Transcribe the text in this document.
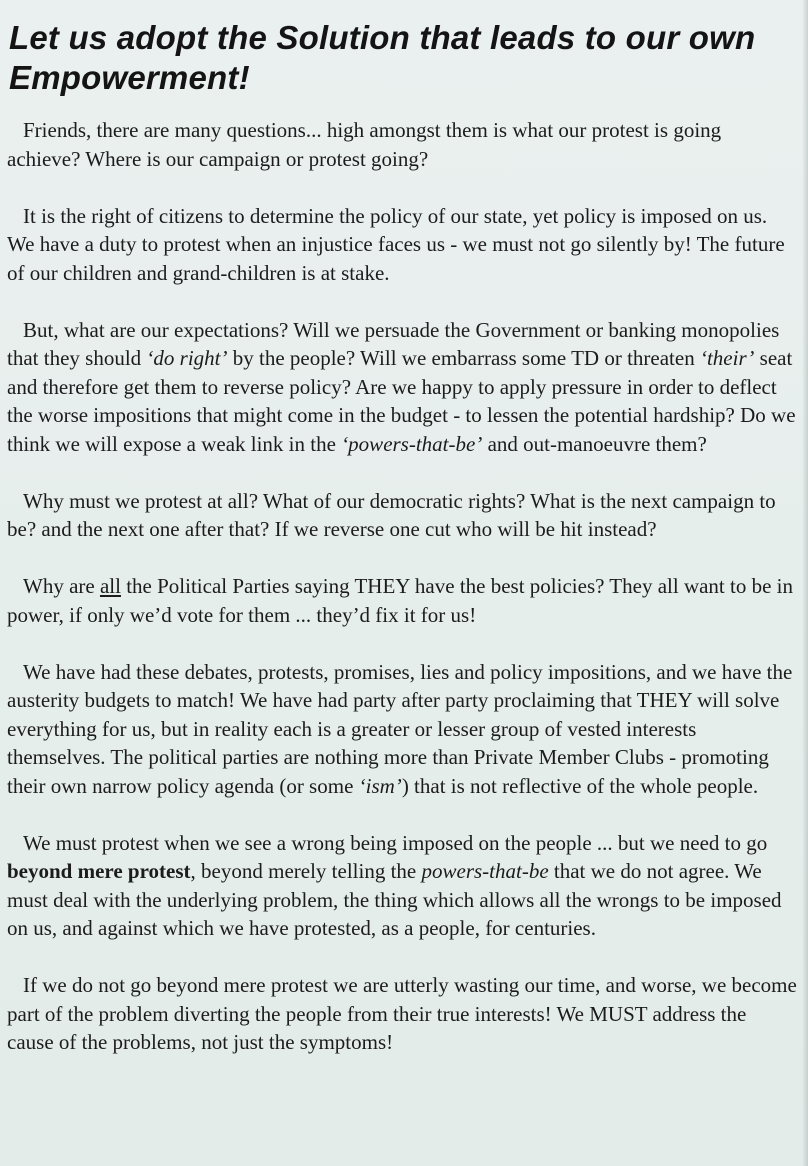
Let us adopt the Solution that leads to our own Empowerment!

Friends, there are many questions... high amongst them is what our protest is going achieve? Where is our campaign or protest going?

It is the right of citizens to determine the policy of our state, yet policy is imposed on us. We have a duty to protest when an injustice faces us - we must not go silently by! The future of our children and grand-children is at stake.

But, what are our expectations? Will we persuade the Government or banking monopolies that they should ‘do right’ by the people? Will we embarrass some TD or threaten ‘their’ seat and therefore get them to reverse policy? Are we happy to apply pressure in order to deflect the worse impositions that might come in the budget - to lessen the potential hardship? Do we think we will expose a weak link in the ‘powers-that-be’ and out-manoeuvre them?

Why must we protest at all? What of our democratic rights? What is the next campaign to be? and the next one after that? If we reverse one cut who will be hit instead?

Why are all the Political Parties saying THEY have the best policies? They all want to be in power, if only we’d vote for them ... they’d fix it for us!

We have had these debates, protests, promises, lies and policy impositions, and we have the austerity budgets to match! We have had party after party proclaiming that THEY will solve everything for us, but in reality each is a greater or lesser group of vested interests themselves. The political parties are nothing more than Private Member Clubs - promoting their own narrow policy agenda (or some ‘ism’) that is not reflective of the whole people.

We must protest when we see a wrong being imposed on the people ... but we need to go beyond mere protest, beyond merely telling the powers-that-be that we do not agree. We must deal with the underlying problem, the thing which allows all the wrongs to be imposed on us, and against which we have protested, as a people, for centuries.

If we do not go beyond mere protest we are utterly wasting our time, and worse, we become part of the problem diverting the people from their true interests! We MUST address the cause of the problems, not just the symptoms!
